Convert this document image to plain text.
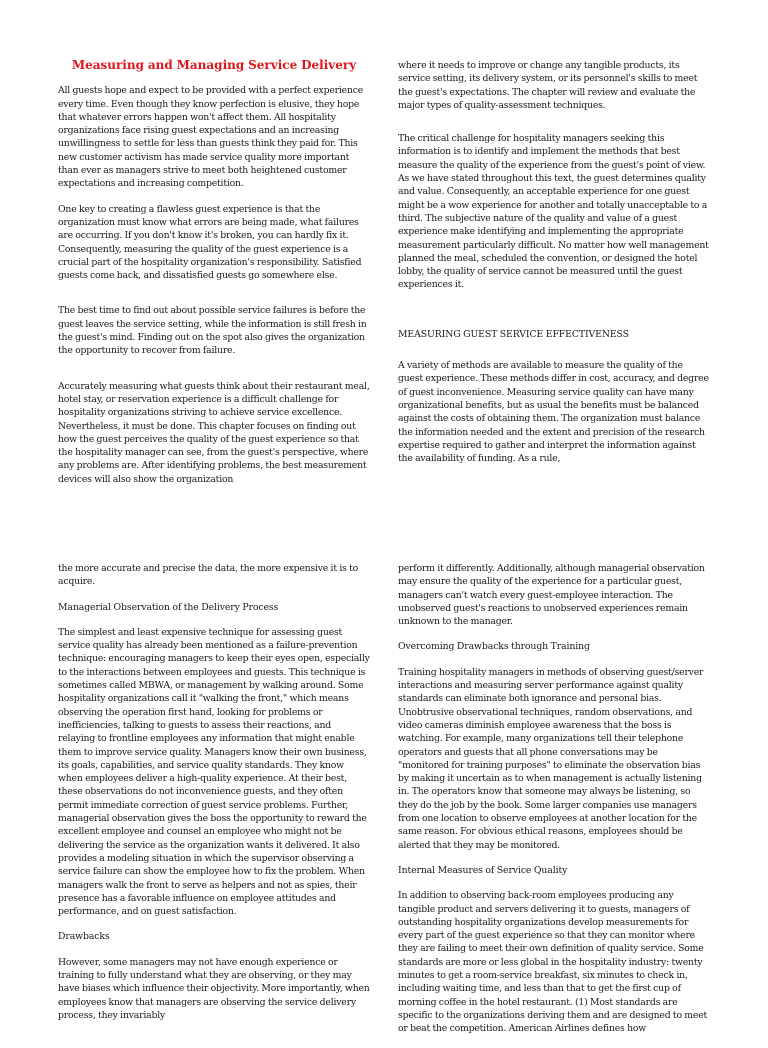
Measuring and Managing Service Delivery

All guests hope and expect to be provided with a perfect experience every time. Even though they know perfection is elusive, they hope that whatever errors happen won't affect them. All hospitality organizations face rising guest expectations and an increasing unwillingness to settle for less than guests think they paid for. This new customer activism has made service quality more important than ever as managers strive to meet both heightened customer expectations and increasing competition.

One key to creating a flawless guest experience is that the organization must know what errors are being made, what failures are occurring. If you don't know it's broken, you can hardly fix it. Consequently, measuring the quality of the guest experience is a crucial part of the hospitality organization's responsibility. Satisfied guests come back, and dissatisfied guests go somewhere else.

The best time to find out about possible service failures is before the guest leaves the service setting, while the information is still fresh in the guest's mind. Finding out on the spot also gives the organization the opportunity to recover from failure.

Accurately measuring what guests think about their restaurant meal, hotel stay, or reservation experience is a difficult challenge for hospitality organizations striving to achieve service excellence. Nevertheless, it must be done. This chapter focuses on finding out how the guest perceives the quality of the guest experience so that the hospitality manager can see, from the guest's perspective, where any problems are. After identifying problems, the best measurement devices will also show the organization

where it needs to improve or change any tangible products, its service setting, its delivery system, or its personnel's skills to meet the guest's expectations. The chapter will review and evaluate the major types of quality-assessment techniques.

The critical challenge for hospitality managers seeking this information is to identify and implement the methods that best measure the quality of the experience from the guest's point of view. As we have stated throughout this text, the guest determines quality and value. Consequently, an acceptable experience for one guest might be a wow experience for another and totally unacceptable to a third. The subjective nature of the quality and value of a guest experience make identifying and implementing the appropriate measurement particularly difficult. No matter how well management planned the meal, scheduled the convention, or designed the hotel lobby, the quality of service cannot be measured until the guest experiences it.

MEASURING GUEST SERVICE EFFECTIVENESS

A variety of methods are available to measure the quality of the guest experience. These methods differ in cost, accuracy, and degree of guest inconvenience. Measuring service quality can have many organizational benefits, but as usual the benefits must be balanced against the costs of obtaining them. The organization must balance the information needed and the extent and precision of the research expertise required to gather and interpret the information against the availability of funding. As a rule,

the more accurate and precise the data, the more expensive it is to acquire.

Managerial Observation of the Delivery Process

The simplest and least expensive technique for assessing guest service quality has already been mentioned as a failure-prevention technique: encouraging managers to keep their eyes open, especially to the interactions between employees and guests. This technique is sometimes called MBWA, or management by walking around. Some hospitality organizations call it "walking the front," which means observing the operation first hand, looking for problems or inefficiencies, talking to guests to assess their reactions, and relaying to frontline employees any information that might enable them to improve service quality. Managers know their own business, its goals, capabilities, and service quality standards. They know when employees deliver a high-quality experience. At their best, these observations do not inconvenience guests, and they often permit immediate correction of guest service problems. Further, managerial observation gives the boss the opportunity to reward the excellent employee and counsel an employee who might not be delivering the service as the organization wants it delivered. It also provides a modeling situation in which the supervisor observing a service failure can show the employee how to fix the problem. When managers walk the front to serve as helpers and not as spies, their presence has a favorable influence on employee attitudes and performance, and on guest satisfaction.

Drawbacks

However, some managers may not have enough experience or training to fully understand what they are observing, or they may have biases which influence their objectivity. More importantly, when employees know that managers are observing the service delivery process, they invariably

perform it differently. Additionally, although managerial observation may ensure the quality of the experience for a particular guest, managers can't watch every guest-employee interaction. The unobserved guest's reactions to unobserved experiences remain unknown to the manager.

Overcoming Drawbacks through Training

Training hospitality managers in methods of observing guest/server interactions and measuring server performance against quality standards can eliminate both ignorance and personal bias. Unobtrusive observational techniques, random observations, and video cameras diminish employee awareness that the boss is watching. For example, many organizations tell their telephone operators and guests that all phone conversations may be "monitored for training purposes" to eliminate the observation bias by making it uncertain as to when management is actually listening in. The operators know that someone may always be listening, so they do the job by the book. Some larger companies use managers from one location to observe employees at another location for the same reason. For obvious ethical reasons, employees should be alerted that they may be monitored.

Internal Measures of Service Quality

In addition to observing back-room employees producing any tangible product and servers delivering it to guests, managers of outstanding hospitality organizations develop measurements for every part of the guest experience so that they can monitor where they are failing to meet their own definition of quality service. Some standards are more or less global in the hospitality industry: twenty minutes to get a room-service breakfast, six minutes to check in, including waiting time, and less than that to get the first cup of morning coffee in the hotel restaurant. (1) Most standards are specific to the organizations deriving them and are designed to meet or beat the competition. American Airlines defines how
